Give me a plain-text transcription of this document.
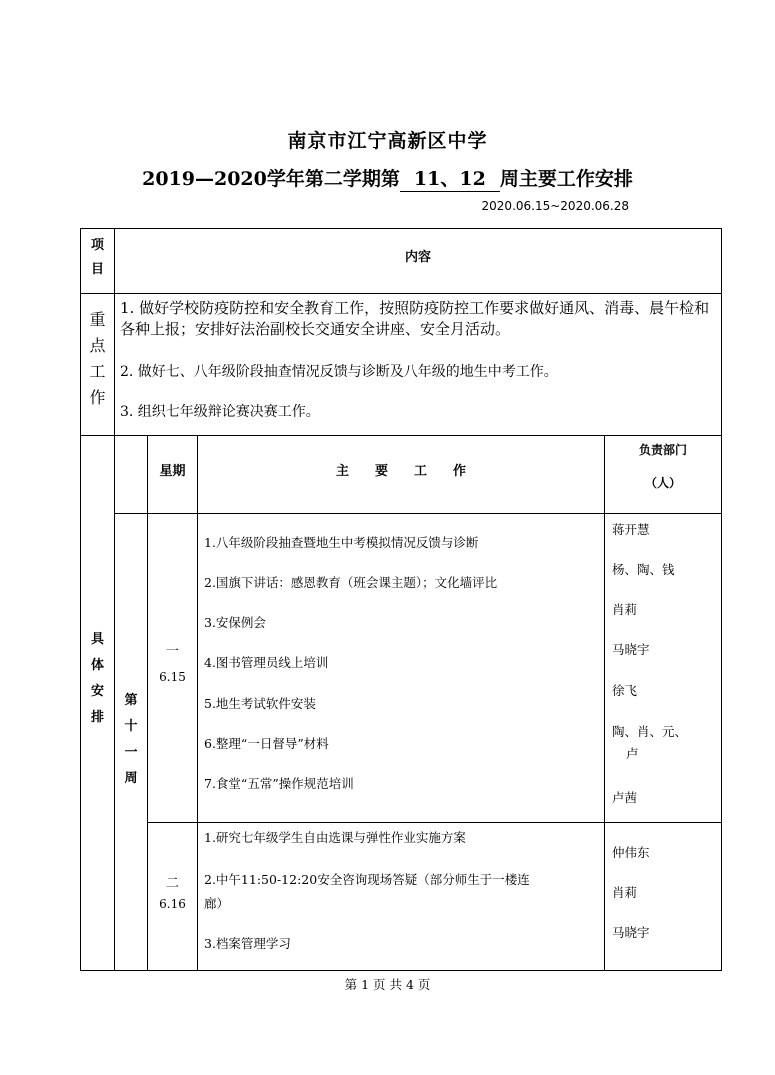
南京市江宁高新区中学
2019—2020学年第二学期第 11、12 周主要工作安排
2020.06.15~2020.06.28
项
目
内容
重
点
工
作
1. 做好学校防疫防控和安全教育工作，按照防疫防控工作要求做好通风、消毒、晨午检和各种上报；安排好法治副校长交通安全讲座、安全月活动。
2. 做好七、八年级阶段抽查情况反馈与诊断及八年级的地生中考工作。
3. 组织七年级辩论赛决赛工作。
具
体
安
排
星期	主　　要　　工　　作
负责部门
（人）
第
十
一
周
一
6.15
1.八年级阶段抽查暨地生中考模拟情况反馈与诊断
2.国旗下讲话：感恩教育（班会课主题）；文化墙评比
3.安保例会
4.图书管理员线上培训
5.地生考试软件安装
6.整理“一日督导”材料
7.食堂“五常”操作规范培训
蒋开慧
杨、陶、钱
肖莉
马晓宇
徐飞
陶、肖、元、
卢
卢茜
二
6.16
1.研究七年级学生自由选课与弹性作业实施方案
2.中午11:50-12:20安全咨询现场答疑（部分师生于一楼连
廊）
3.档案管理学习
仲伟东
肖莉
马晓宇
第 1 页 共 4 页
